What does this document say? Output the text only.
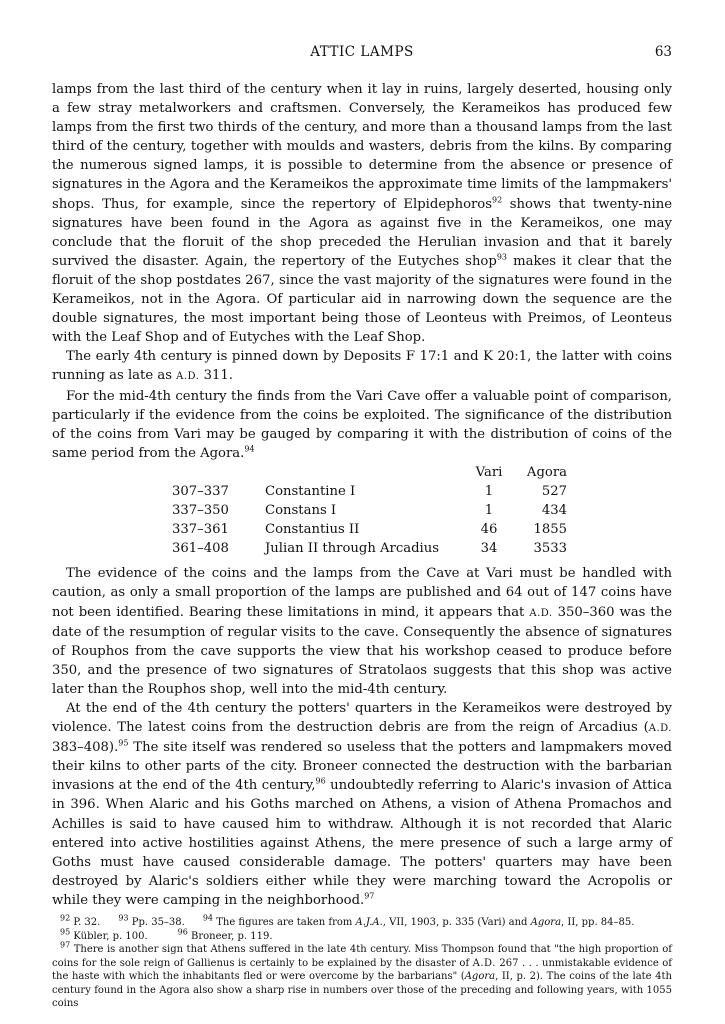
ATTIC LAMPS	63

lamps from the last third of the century when it lay in ruins, largely deserted, housing only a few stray metalworkers and craftsmen. Conversely, the Kerameikos has produced few lamps from the first two thirds of the century, and more than a thousand lamps from the last third of the century, together with moulds and wasters, debris from the kilns. By comparing the numerous signed lamps, it is possible to determine from the absence or presence of signatures in the Agora and the Kerameikos the approximate time limits of the lampmakers' shops. Thus, for example, since the repertory of Elpidephoros$^{92}$ shows that twenty-nine signatures have been found in the Agora as against five in the Kerameikos, one may conclude that the floruit of the shop preceded the Herulian invasion and that it barely survived the disaster. Again, the repertory of the Eutyches shop$^{93}$ makes it clear that the floruit of the shop postdates 267, since the vast majority of the signatures were found in the Kerameikos, not in the Agora. Of particular aid in narrowing down the sequence are the double signatures, the most important being those of Leonteus with Preimos, of Leonteus with the Leaf Shop and of Eutyches with the Leaf Shop.

The early 4th century is pinned down by Deposits F 17:1 and K 20:1, the latter with coins running as late as A.D. 311.

For the mid-4th century the finds from the Vari Cave offer a valuable point of comparison, particularly if the evidence from the coins be exploited. The significance of the distribution of the coins from Vari may be gauged by comparing it with the distribution of coins of the same period from the Agora.$^{94}$

		Vari	Agora
307–337	Constantine I	1	527
337–350	Constans I	1	434
337–361	Constantius II	46	1855
361–408	Julian II through Arcadius	34	3533

The evidence of the coins and the lamps from the Cave at Vari must be handled with caution, as only a small proportion of the lamps are published and 64 out of 147 coins have not been identified. Bearing these limitations in mind, it appears that A.D. 350–360 was the date of the resumption of regular visits to the cave. Consequently the absence of signatures of Rouphos from the cave supports the view that his workshop ceased to produce before 350, and the presence of two signatures of Stratolaos suggests that this shop was active later than the Rouphos shop, well into the mid-4th century.

At the end of the 4th century the potters' quarters in the Kerameikos were destroyed by violence. The latest coins from the destruction debris are from the reign of Arcadius (A.D. 383–408).$^{95}$ The site itself was rendered so useless that the potters and lampmakers moved their kilns to other parts of the city. Broneer connected the destruction with the barbarian invasions at the end of the 4th century,$^{96}$ undoubtedly referring to Alaric's invasion of Attica in 396. When Alaric and his Goths marched on Athens, a vision of Athena Promachos and Achilles is said to have caused him to withdraw. Although it is not recorded that Alaric entered into active hostilities against Athens, the mere presence of such a large army of Goths must have caused considerable damage. The potters' quarters may have been destroyed by Alaric's soldiers either while they were marching toward the Acropolis or while they were camping in the neighborhood.$^{97}$

$^{92}$ P. 32. $^{93}$ Pp. 35–38. $^{94}$ The figures are taken from A.J.A., VII, 1903, p. 335 (Vari) and Agora, II, pp. 84–85.

$^{95}$ Kübler, p. 100.	$^{96}$ Broneer, p. 119.

$^{97}$ There is another sign that Athens suffered in the late 4th century. Miss Thompson found that "the high proportion of coins for the sole reign of Gallienus is certainly to be explained by the disaster of A.D. 267 . . . unmistakable evidence of the haste with which the inhabitants fled or were overcome by the barbarians" (Agora, II, p. 2). The coins of the late 4th century found in the Agora also show a sharp rise in numbers over those of the preceding and following years, with 1055 coins
